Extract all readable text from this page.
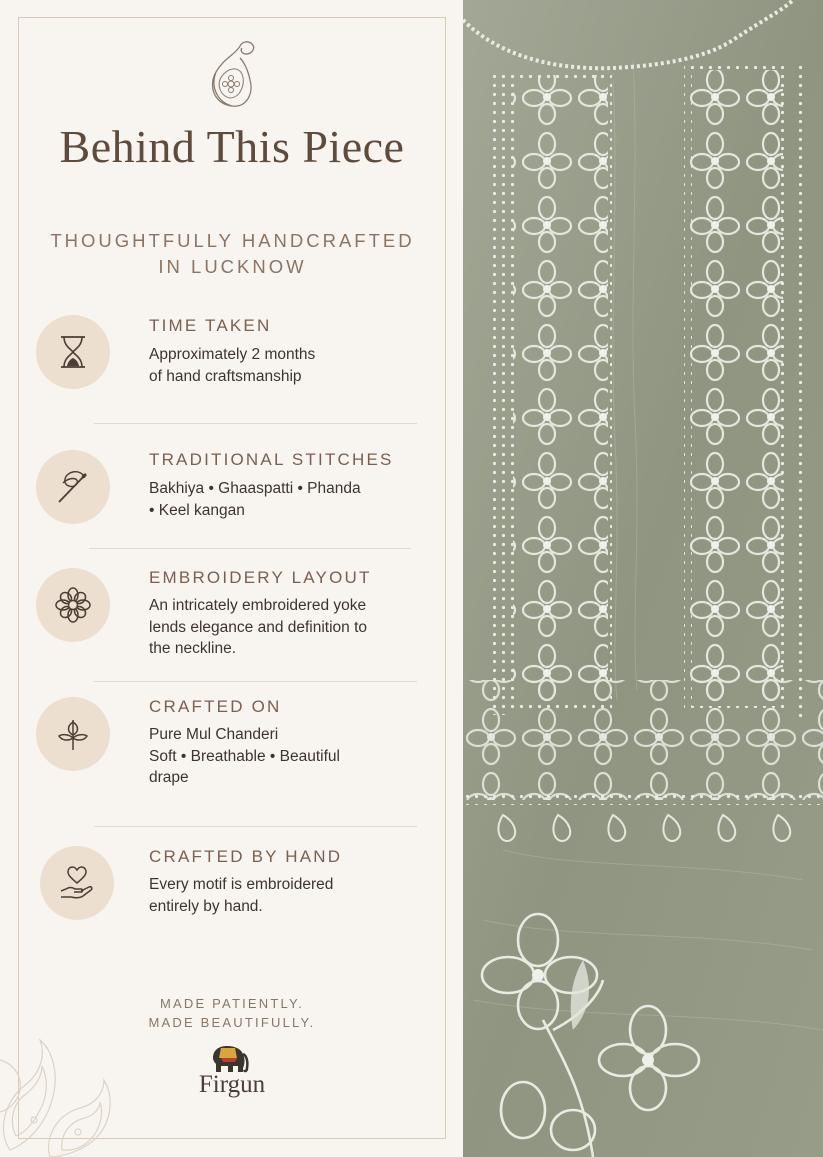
Behind This Piece
THOUGHTFULLY HANDCRAFTED
IN LUCKNOW
TIME TAKEN
Approximately 2 months
of hand craftsmanship
TRADITIONAL STITCHES
Bakhiya • Ghaaspatti • Phanda
• Keel kangan
EMBROIDERY LAYOUT
An intricately embroidered yoke
lends elegance and definition to
the neckline.
CRAFTED ON
Pure Mul Chanderi
Soft • Breathable • Beautiful
drape
CRAFTED BY HAND
Every motif is embroidered
entirely by hand.
MADE PATIENTLY.
MADE BEAUTIFULLY.
Firgun
